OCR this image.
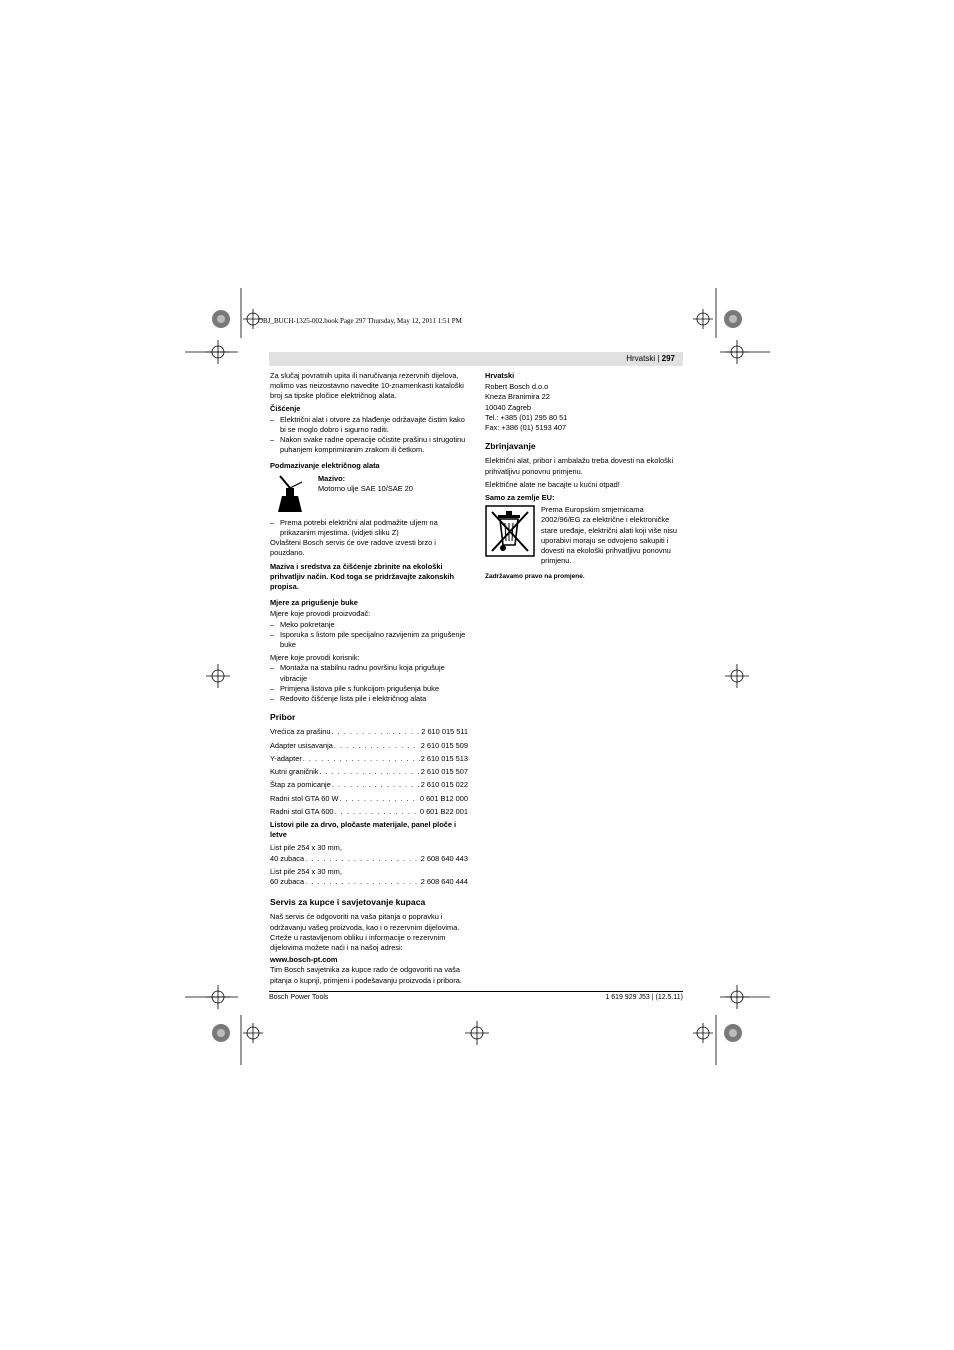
OBJ_BUCH-1325-002.book Page 297 Thursday, May 12, 2011 1:51 PM
Hrvatski | 297

Za slučaj povratnih upita ili naručivanja rezervnih dijelova, molimo vas neizostavno navedite 10-znamenkasti kataloški broj sa tipske pločice električnog alata.

Čišćenje
– Električni alat i otvore za hlađenje održavajte čistim kako bi se moglo dobro i sigurno raditi.
– Nakon svake radne operacije očistite prašinu i strugotinu puhanjem komprimiranim zrakom ili četkom.
Podmazivanje električnog alata
Mazivo:
Motorno ulje SAE 10/SAE 20
– Prema potrebi električni alat podmažite uljem na prikazanim mjestima. (vidjeti sliku Z)

Ovlašteni Bosch servis će ove radove izvesti brzo i pouzdano.

Maziva i sredstva za čišćenje zbrinite na ekološki prihvatljiv način. Kod toga se pridržavajte zakonskih propisa.

Mjere za prigušenje buke
Mjere koje provodi proizvođač:
– Meko pokretanje
– Isporuka s listom pile specijalno razvijenim za prigušenje buke
Mjere koje provodi korisnik:
– Montaža na stabilnu radnu površinu koja prigušuje vibracije
– Primjena listova pile s funkcijom prigušenja buke
– Redovito čišćenje lista pile i električnog alata
Pribor
Vrećica za prašinu . . .	2 610 015 511
Adapter usisavanja . . .	2 610 015 509
Y-adapter . . .	2 610 015 513
Kutni graničnik . . .	2 610 015 507
Štap za pomicanje . . .	2 610 015 022
Radni stol GTA 60 W . . .	0 601 B12 000
Radni stol GTA 600 . . .	0 601 B22 001
Listovi pile za drvo, pločaste materijale, panel ploče i letve
List pile 254 x 30 mm,
40 zubaca . . .	2 608 640 443
List pile 254 x 30 mm,
60 zubaca . . .	2 608 640 444
Servis za kupce i savjetovanje kupaca

Naš servis će odgovoriti na vaša pitanja o popravku i održavanju vašeg proizvoda, kao i o rezervnim dijelovima. Crteže u rastavljenom obliku i informacije o rezervnim dijelovima možete naći i na našoj adresi:

www.bosch-pt.com

Tim Bosch savjetnika za kupce rado će odgovoriti na vaša pitanja o kupnji, primjeni i podešavanju proizvoda i pribora.

Hrvatski
Robert Bosch d.o.o
Kneza Branimira 22
10040 Zagreb
Tel.: +385 (01) 295 80 51
Fax: +386 (01) 5193 407
Zbrinjavanje

Električni alat, pribor i ambalažu treba dovesti na ekološki prihvatljivu ponovnu primjenu.

Električne alate ne bacajte u kućni otpad!

Samo za zemlje EU:
Prema Europskim smjernicama 2002/96/EG za električne i elektroničke stare uređaje, električni alati koji više nisu uporabivi moraju se odvojeno sakupiti i dovesti na ekološki prihvatljivu ponovnu primjenu.
Zadržavamo pravo na promjene.
Bosch Power Tools	1 619 929 J53 | (12.5.11)
